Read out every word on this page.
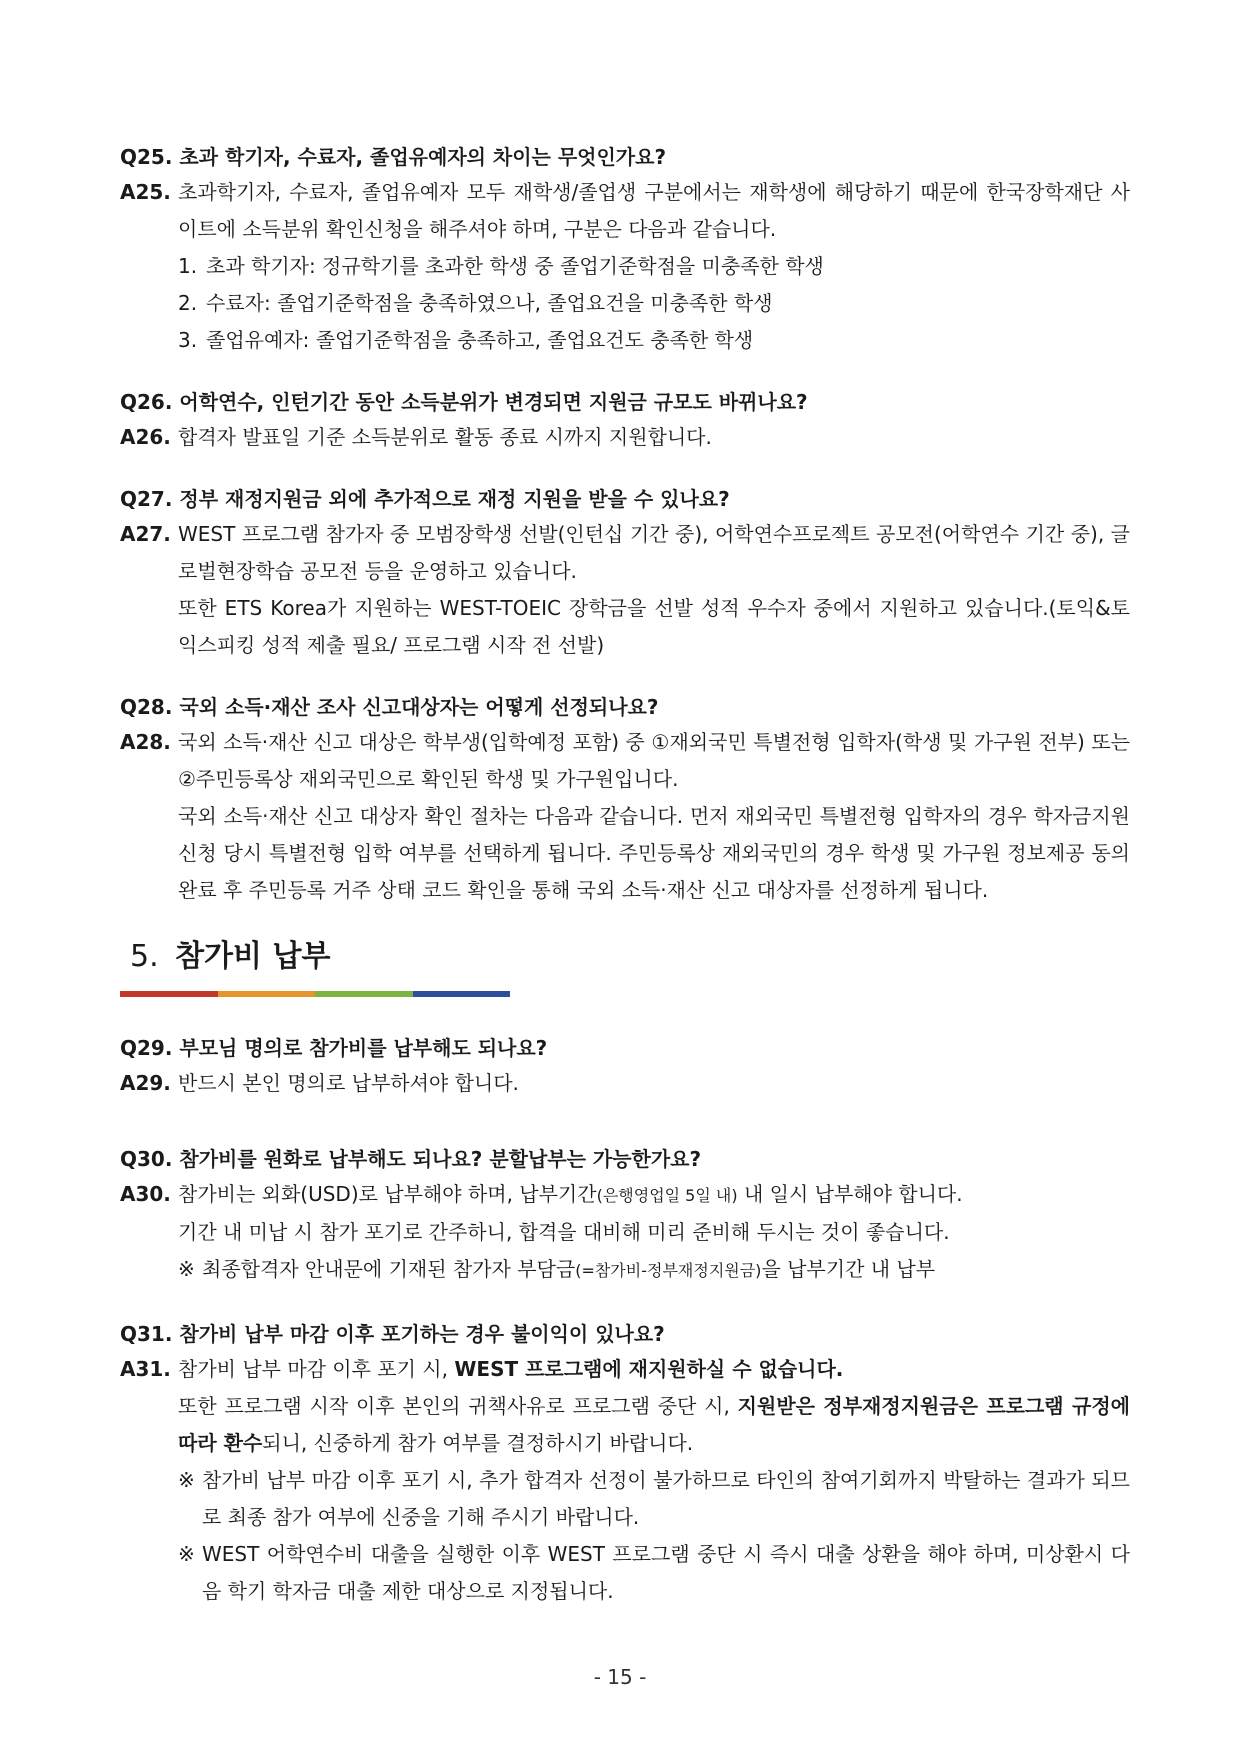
Q25. 초과 학기자, 수료자, 졸업유예자의 차이는 무엇인가요?

A25. 초과학기자, 수료자, 졸업유예자 모두 재학생/졸업생 구분에서는 재학생에 해당하기 때문에 한국장학재단 사이트에 소득분위 확인신청을 해주셔야 하며, 구분은 다음과 같습니다.

1. 초과 학기자: 정규학기를 초과한 학생 중 졸업기준학점을 미충족한 학생
2. 수료자: 졸업기준학점을 충족하였으나, 졸업요건을 미충족한 학생
3. 졸업유예자: 졸업기준학점을 충족하고, 졸업요건도 충족한 학생

Q26. 어학연수, 인턴기간 동안 소득분위가 변경되면 지원금 규모도 바뀌나요?

A26. 합격자 발표일 기준 소득분위로 활동 종료 시까지 지원합니다.

Q27. 정부 재정지원금 외에 추가적으로 재정 지원을 받을 수 있나요?

A27. WEST 프로그램 참가자 중 모범장학생 선발(인턴십 기간 중), 어학연수프로젝트 공모전(어학연수 기간 중), 글로벌현장학습 공모전 등을 운영하고 있습니다.

또한 ETS Korea가 지원하는 WEST-TOEIC 장학금을 선발 성적 우수자 중에서 지원하고 있습니다.(토익&토익스피킹 성적 제출 필요/ 프로그램 시작 전 선발)

Q28. 국외 소득·재산 조사 신고대상자는 어떻게 선정되나요?

A28. 국외 소득·재산 신고 대상은 학부생(입학예정 포함) 중 ①재외국민 특별전형 입학자(학생 및 가구원 전부) 또는 ②주민등록상 재외국민으로 확인된 학생 및 가구원입니다.

국외 소득·재산 신고 대상자 확인 절차는 다음과 같습니다. 먼저 재외국민 특별전형 입학자의 경우 학자금지원 신청 당시 특별전형 입학 여부를 선택하게 됩니다. 주민등록상 재외국민의 경우 학생 및 가구원 정보제공 동의 완료 후 주민등록 거주 상태 코드 확인을 통해 국외 소득·재산 신고 대상자를 선정하게 됩니다.

5. 참가비 납부

Q29. 부모님 명의로 참가비를 납부해도 되나요?

A29. 반드시 본인 명의로 납부하셔야 합니다.

Q30. 참가비를 원화로 납부해도 되나요? 분할납부는 가능한가요?

A30. 참가비는 외화(USD)로 납부해야 하며, 납부기간(은행영업일 5일 내) 내 일시 납부해야 합니다.

기간 내 미납 시 참가 포기로 간주하니, 합격을 대비해 미리 준비해 두시는 것이 좋습니다.

※ 최종합격자 안내문에 기재된 참가자 부담금(=참가비-정부재정지원금)을 납부기간 내 납부

Q31. 참가비 납부 마감 이후 포기하는 경우 불이익이 있나요?

A31. 참가비 납부 마감 이후 포기 시, WEST 프로그램에 재지원하실 수 없습니다.

또한 프로그램 시작 이후 본인의 귀책사유로 프로그램 중단 시, 지원받은 정부재정지원금은 프로그램 규정에 따라 환수되니, 신중하게 참가 여부를 결정하시기 바랍니다.

※ 참가비 납부 마감 이후 포기 시, 추가 합격자 선정이 불가하므로 타인의 참여기회까지 박탈하는 결과가 되므로 최종 참가 여부에 신중을 기해 주시기 바랍니다.
※ WEST 어학연수비 대출을 실행한 이후 WEST 프로그램 중단 시 즉시 대출 상환을 해야 하며, 미상환시 다음 학기 학자금 대출 제한 대상으로 지정됩니다.
- 15 -
